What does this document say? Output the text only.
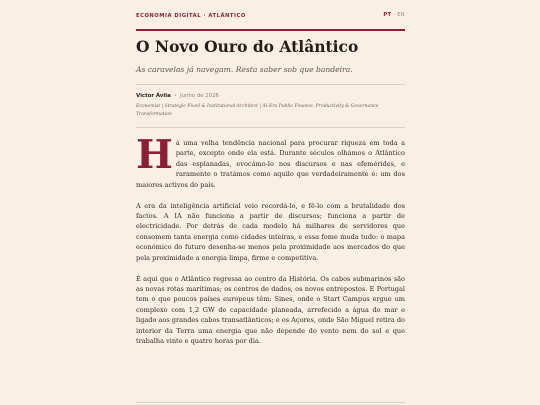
ECONOMIA DIGITAL · ATLÂNTICO	PT · EN
O Novo Ouro do Atlântico
As caravelas já navegam. Resta saber sob que bandeira.
Victor Ávila • Junho de 2026
Economist | Strategic Fixed & Institutional Architect | AI-Era Public Finance, Productivity & Governance Transformation

Há uma velha tendência nacional para procurar riqueza em toda a parte, excepto onde ela está. Durante séculos olhámos o Atlântico das esplanadas, evocámo-lo nos discursos e nas efemérides, e raramente o tratámos como aquilo que verdadeiramente é: um dos maiores activos do país.

A era da inteligência artificial veio recordá-lo, e fê-lo com a brutalidade dos factos. A IA não funciona a partir de discursos; funciona a partir de electricidade. Por detrás de cada modelo há milhares de servidores que consomem tanta energia como cidades inteiras, e essa fome muda tudo: o mapa económico do futuro desenha-se menos pela proximidade aos mercados do que pela proximidade a energia limpa, firme e competitiva.

É aqui que o Atlântico regressa ao centro da História. Os cabos submarinos são as novas rotas marítimas; os centros de dados, os novos entrepostos. E Portugal tem o que poucos países europeus têm: Sines, onde o Start Campus ergue um complexo com 1,2 GW de capacidade planeada, arrefecido a água do mar e ligado aos grandes cabos transatlânticos; e os Açores, onde São Miguel retira do interior da Terra uma energia que não depende do vento nem do sol e que trabalha vinte e quatro horas por dia.
